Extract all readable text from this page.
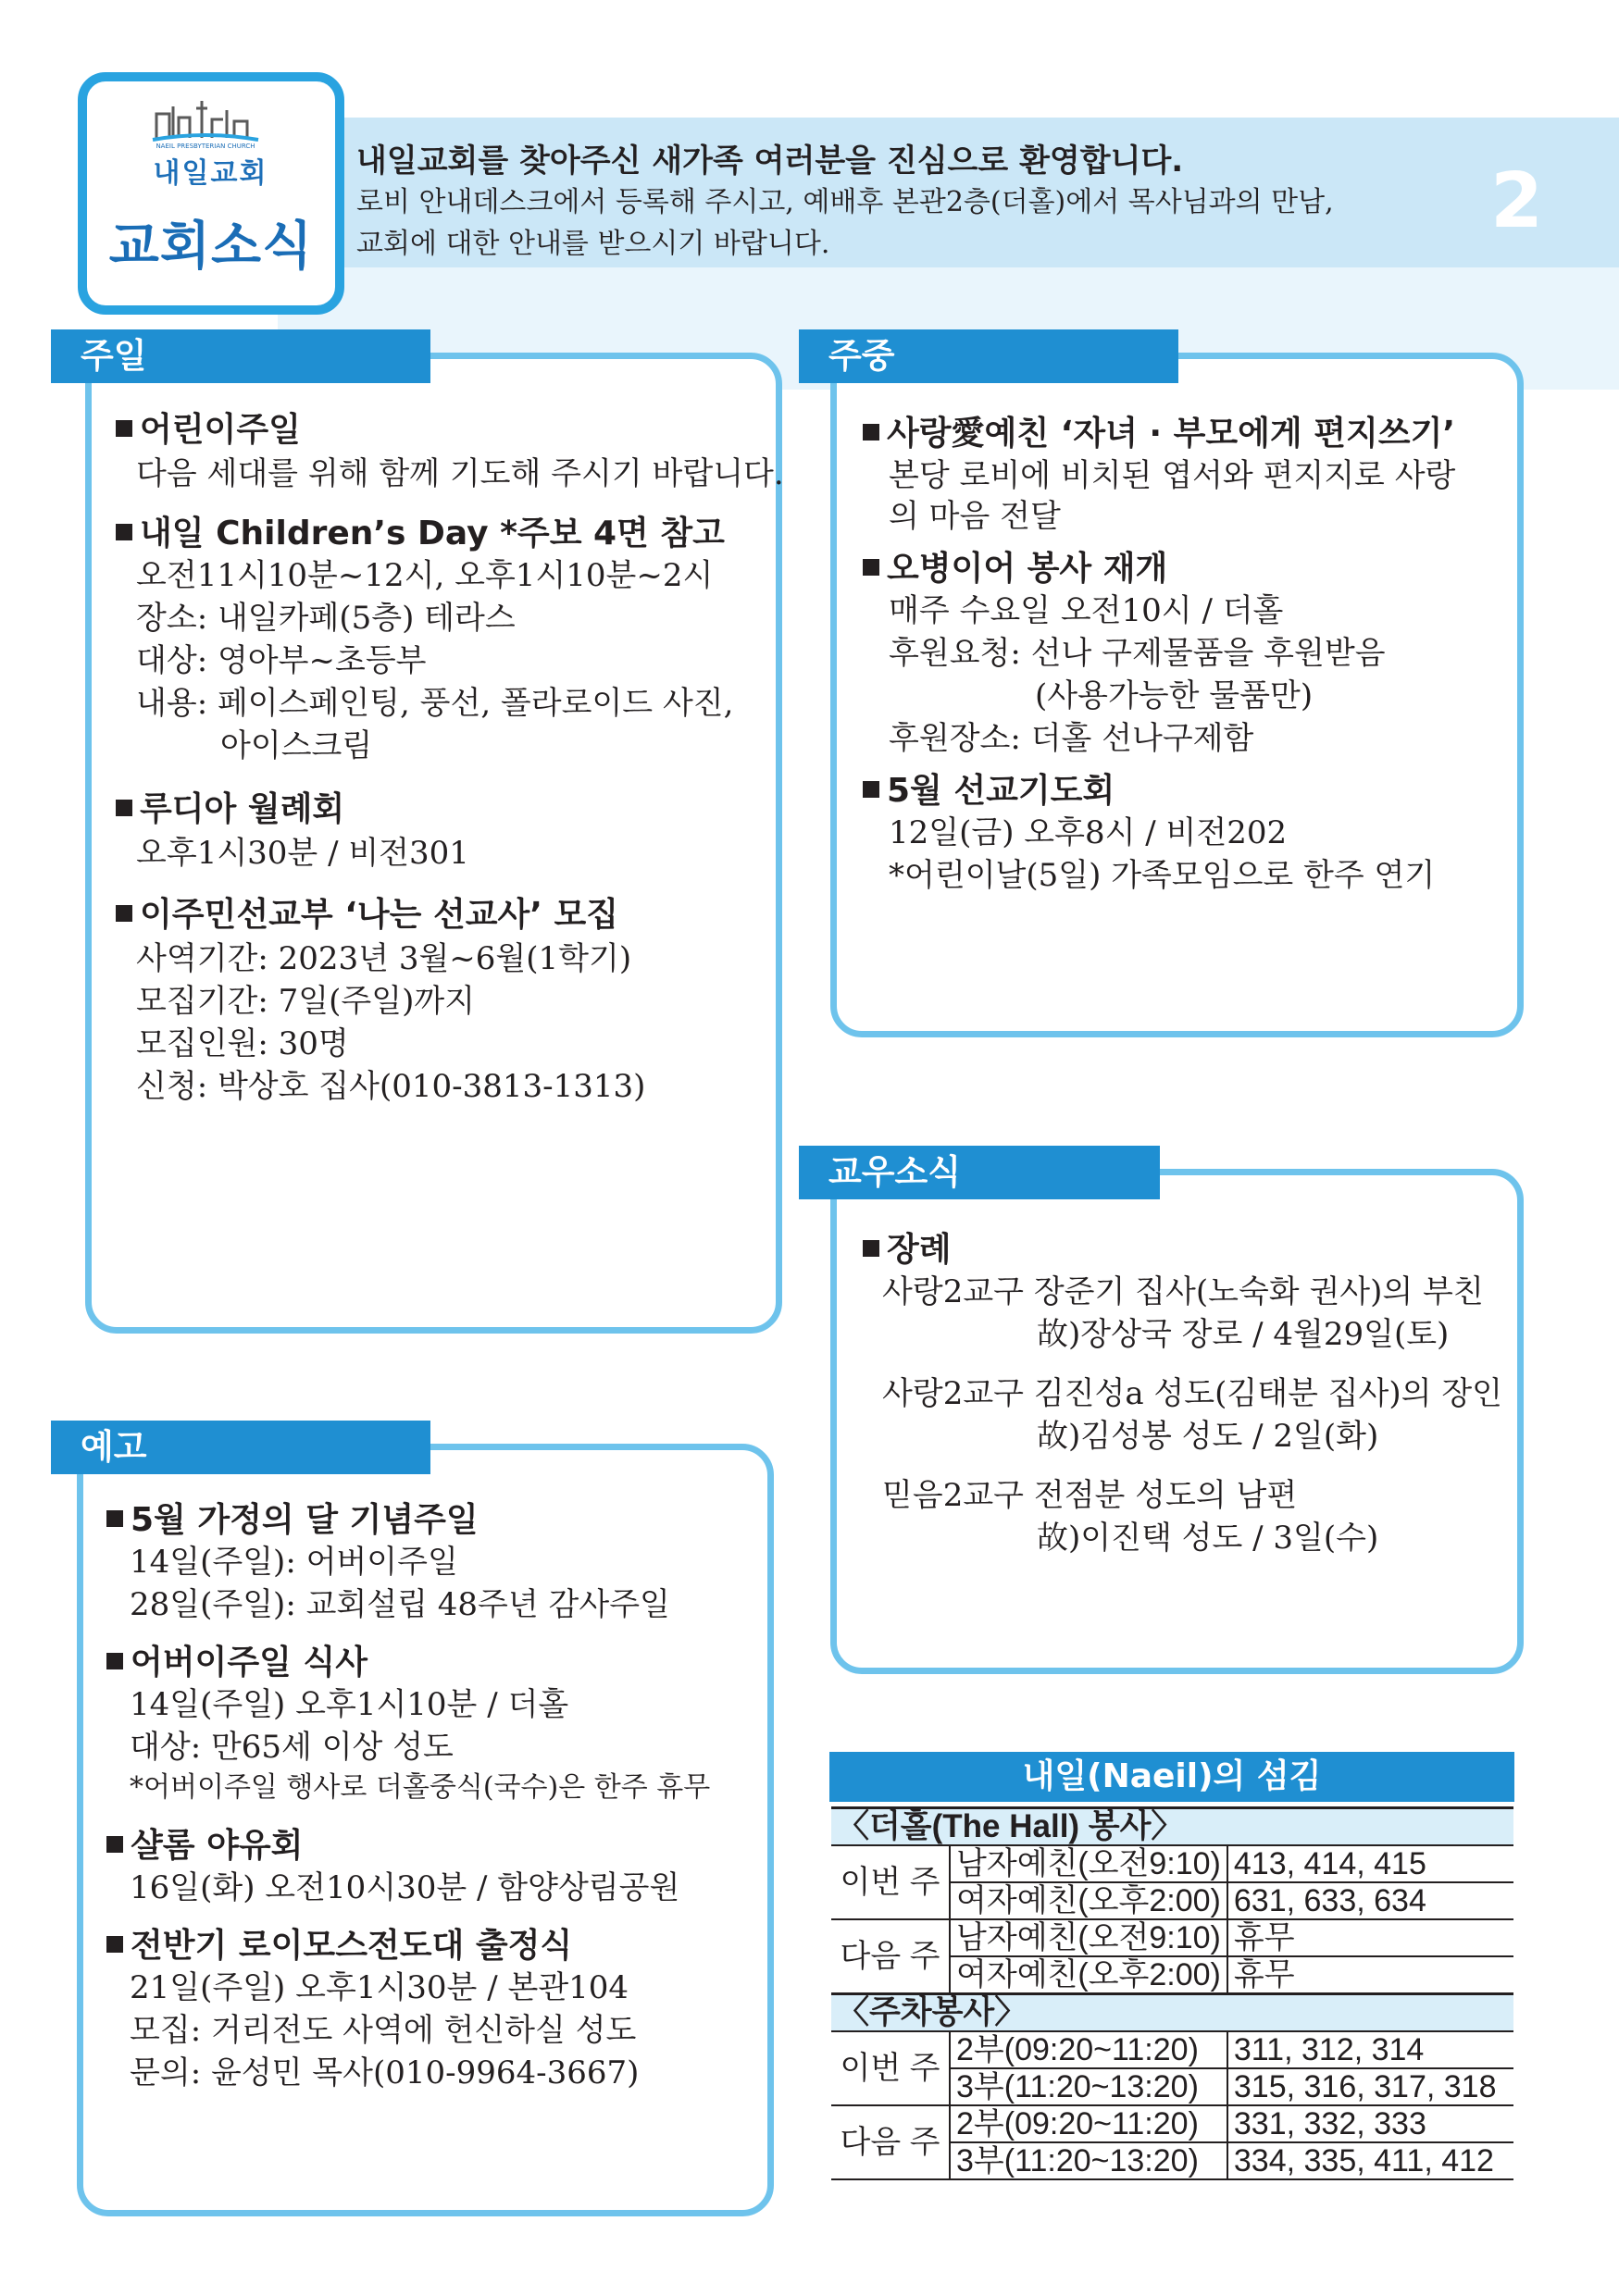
NAEIL PRESBYTERIAN CHURCH
내일교회
교회소식
2
내일교회를 찾아주신 새가족 여러분을 진심으로 환영합니다.
로비 안내데스크에서 등록해 주시고, 예배후 본관2층(더홀)에서 목사님과의 만남,
교회에 대한 안내를 받으시기 바랍니다.
주일
어린이주일
다음 세대를 위해 함께 기도해 주시기 바랍니다.
내일 Children’s Day *주보 4면 참고
오전11시10분~12시, 오후1시10분~2시
장소: 내일카페(5층) 테라스
대상: 영아부~초등부
내용: 페이스페인팅, 풍선, 폴라로이드 사진,
아이스크림
루디아 월례회
오후1시30분 / 비전301
이주민선교부 ‘나는 선교사’ 모집
사역기간: 2023년 3월~6월(1학기)
모집기간: 7일(주일)까지
모집인원: 30명
신청: 박상호 집사(010-3813-1313)
주중
사랑愛예친 ‘자녀 · 부모에게 편지쓰기’
본당 로비에 비치된 엽서와 편지지로 사랑
의 마음 전달
오병이어 봉사 재개
매주 수요일 오전10시 / 더홀
후원요청: 선나 구제물품을 후원받음
(사용가능한 물품만)
후원장소: 더홀 선나구제함
5월 선교기도회
12일(금) 오후8시 / 비전202
*어린이날(5일) 가족모임으로 한주 연기
교우소식
장례
사랑2교구 장준기 집사(노숙화 권사)의 부친
故)장상국 장로 / 4월29일(토)
사랑2교구 김진성a 성도(김태분 집사)의 장인
故)김성봉 성도 / 2일(화)
믿음2교구 전점분 성도의 남편
故)이진택 성도 / 3일(수)
예고
5월 가정의 달 기념주일
14일(주일): 어버이주일
28일(주일): 교회설립 48주년 감사주일
어버이주일 식사
14일(주일) 오후1시10분 / 더홀
대상: 만65세 이상 성도
*어버이주일 행사로 더홀중식(국수)은 한주 휴무
샬롬 야유회
16일(화) 오전10시30분 / 함양상림공원
전반기 로이모스전도대 출정식
21일(주일) 오후1시30분 / 본관104
모집: 거리전도 사역에 헌신하실 성도
문의: 윤성민 목사(010-9964-3667)
내일(Naeil)의 섬김
〈더홀(The Hall) 봉사〉		
이번 주	남자예친(오전9:10)	413, 414, 415
	여자예친(오후2:00)	631, 633, 634
다음 주	남자예친(오전9:10)	휴무
	여자예친(오후2:00)	휴무
〈주차봉사〉		
이번 주	2부(09:20~11:20)	311, 312, 314
	3부(11:20~13:20)	315, 316, 317, 318
다음 주	2부(09:20~11:20)	331, 332, 333
	3부(11:20~13:20)	334, 335, 411, 412
